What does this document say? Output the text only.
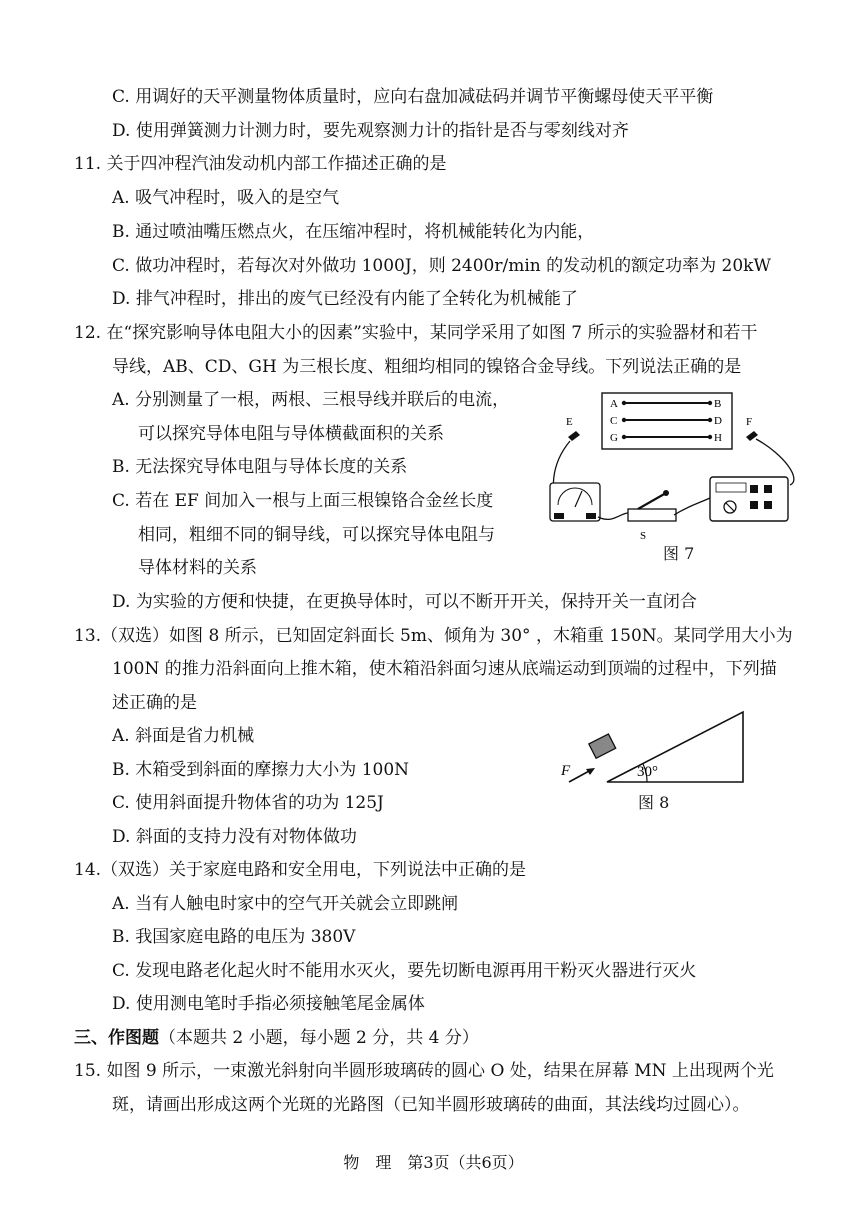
C. 用调好的天平测量物体质量时，应向右盘加减砝码并调节平衡螺母使天平平衡
D. 使用弹簧测力计测力时，要先观察测力计的指针是否与零刻线对齐
11. 关于四冲程汽油发动机内部工作描述正确的是
A. 吸气冲程时，吸入的是空气
B. 通过喷油嘴压燃点火，在压缩冲程时，将机械能转化为内能，
C. 做功冲程时，若每次对外做功 1000J，则 2400r/min 的发动机的额定功率为 20kW
D. 排气冲程时，排出的废气已经没有内能了全转化为机械能了
12. 在“探究影响导体电阻大小的因素”实验中，某同学采用了如图 7 所示的实验器材和若干
导线，AB、CD、GH 为三根长度、粗细均相同的镍铬合金导线。下列说法正确的是
A. 分别测量了一根，两根、三根导线并联后的电流，
可以探究导体电阻与导体横截面积的关系
B. 无法探究导体电阻与导体长度的关系
C. 若在 EF 间加入一根与上面三根镍铬合金丝长度
相同，粗细不同的铜导线，可以探究导体电阻与
导体材料的关系
D. 为实验的方便和快捷，在更换导体时，可以不断开开关，保持开关一直闭合
A	B
C	D
G	H
E	F
S
图 7
13.（双选）如图 8 所示，已知固定斜面长 5m、倾角为 30° ，木箱重 150N。某同学用大小为
100N 的推力沿斜面向上推木箱，使木箱沿斜面匀速从底端运动到顶端的过程中，下列描
述正确的是
A. 斜面是省力机械
B. 木箱受到斜面的摩擦力大小为 100N
C. 使用斜面提升物体省的功为 125J
D. 斜面的支持力没有对物体做功
30°
F
图 8
14.（双选）关于家庭电路和安全用电，下列说法中正确的是
A. 当有人触电时家中的空气开关就会立即跳闸
B. 我国家庭电路的电压为 380V
C. 发现电路老化起火时不能用水灭火，要先切断电源再用干粉灭火器进行灭火
D. 使用测电笔时手指必须接触笔尾金属体
三、作图题（本题共 2 小题，每小题 2 分，共 4 分）
15. 如图 9 所示，一束激光斜射向半圆形玻璃砖的圆心 O 处，结果在屏幕 MN 上出现两个光
斑，请画出形成这两个光斑的光路图（已知半圆形玻璃砖的曲面，其法线均过圆心）。
物　理　第3页（共6页）
